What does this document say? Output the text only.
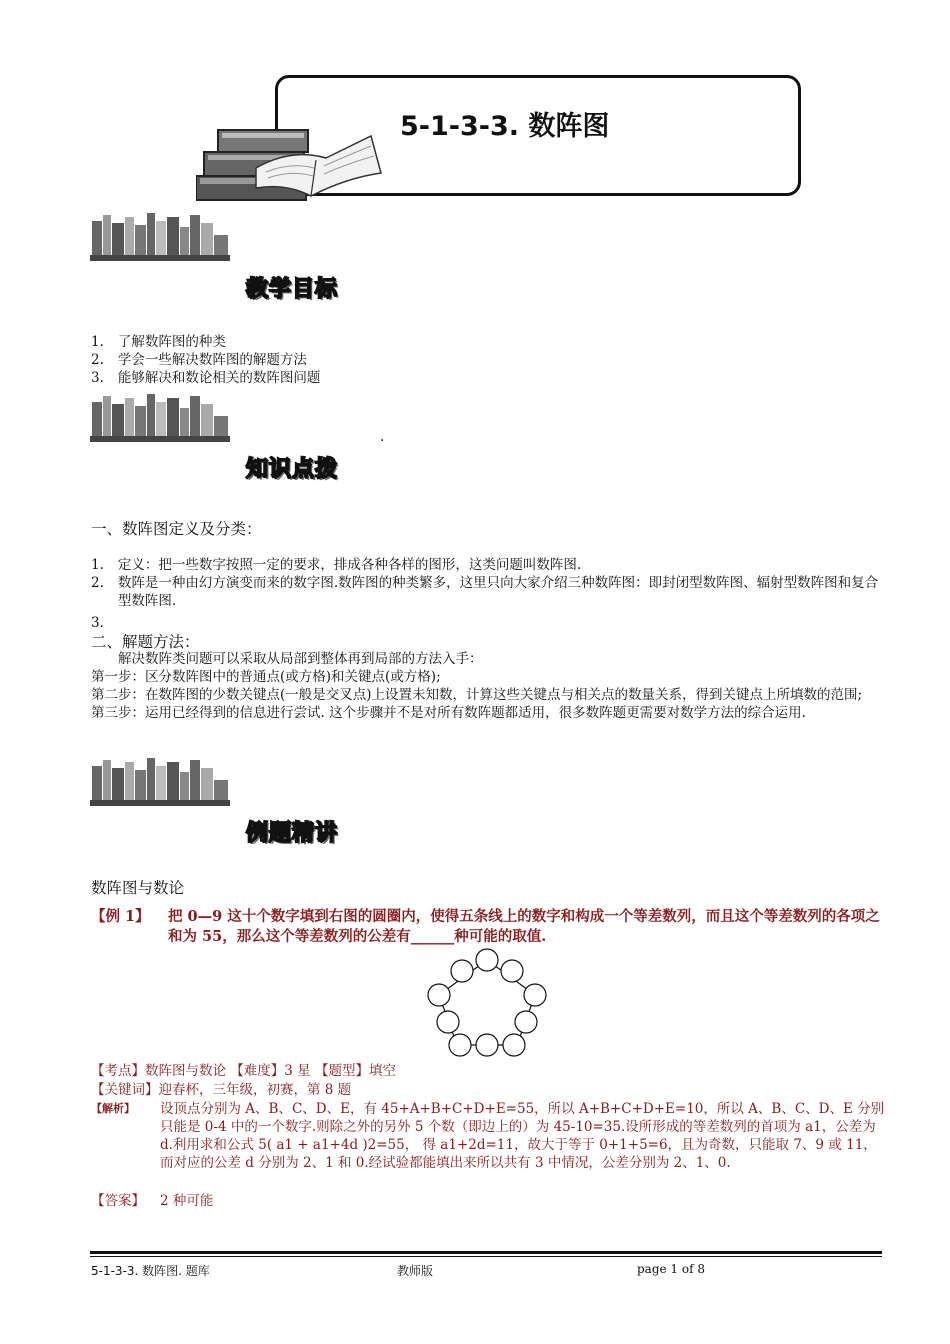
5-1-3-3. 数阵图
教学目标
1. 了解数阵图的种类
2. 学会一些解决数阵图的解题方法
3. 能够解决和数论相关的数阵图问题
.
知识点拨
一、数阵图定义及分类：
1. 定义：把一些数字按照一定的要求，排成各种各样的图形，这类问题叫数阵图.
2. 数阵是一种由幻方演变而来的数字图.数阵图的种类繁多，这里只向大家介绍三种数阵图：即封闭型数阵图、辐射型数阵图和复合型数阵图.
3.
二、解题方法：
解决数阵类问题可以采取从局部到整体再到局部的方法入手：
第一步：区分数阵图中的普通点(或方格)和关键点(或方格);
第二步：在数阵图的少数关键点(一般是交叉点)上设置未知数，计算这些关键点与相关点的数量关系，得到关键点上所填数的范围;
第三步：运用已经得到的信息进行尝试. 这个步骤并不是对所有数阵题都适用，很多数阵题更需要对数学方法的综合运用.
例题精讲
数阵图与数论
【例 1】 把 0—9 这十个数字填到右图的圆圈内，使得五条线上的数字和构成一个等差数列，而且这个等差数列的各项之和为 55，那么这个等差数列的公差有______种可能的取值.
【考点】数阵图与数论 【难度】3 星 【题型】填空
【关键词】迎春杯，三年级，初赛，第 8 题
【解析】 设顶点分别为 A、B、C、D、E，有 45+A+B+C+D+E=55，所以 A+B+C+D+E=10，所以 A、B、C、D、E 分别只能是 0-4 中的一个数字.则除之外的另外 5 个数（即边上的）为 45-10=35.设所形成的等差数列的首项为 a1，公差为 d.利用求和公式 5( a1 + a1+4d )2=55， 得 a1+2d=11，故大于等于 0+1+5=6，且为奇数，只能取 7、9 或 11，而对应的公差 d 分别为 2、1 和 0.经试验都能填出来所以共有 3 中情况，公差分别为 2、1、0.
【答案】 2 种可能
5-1-3-3. 数阵图. 题库	教师版	page 1 of 8
